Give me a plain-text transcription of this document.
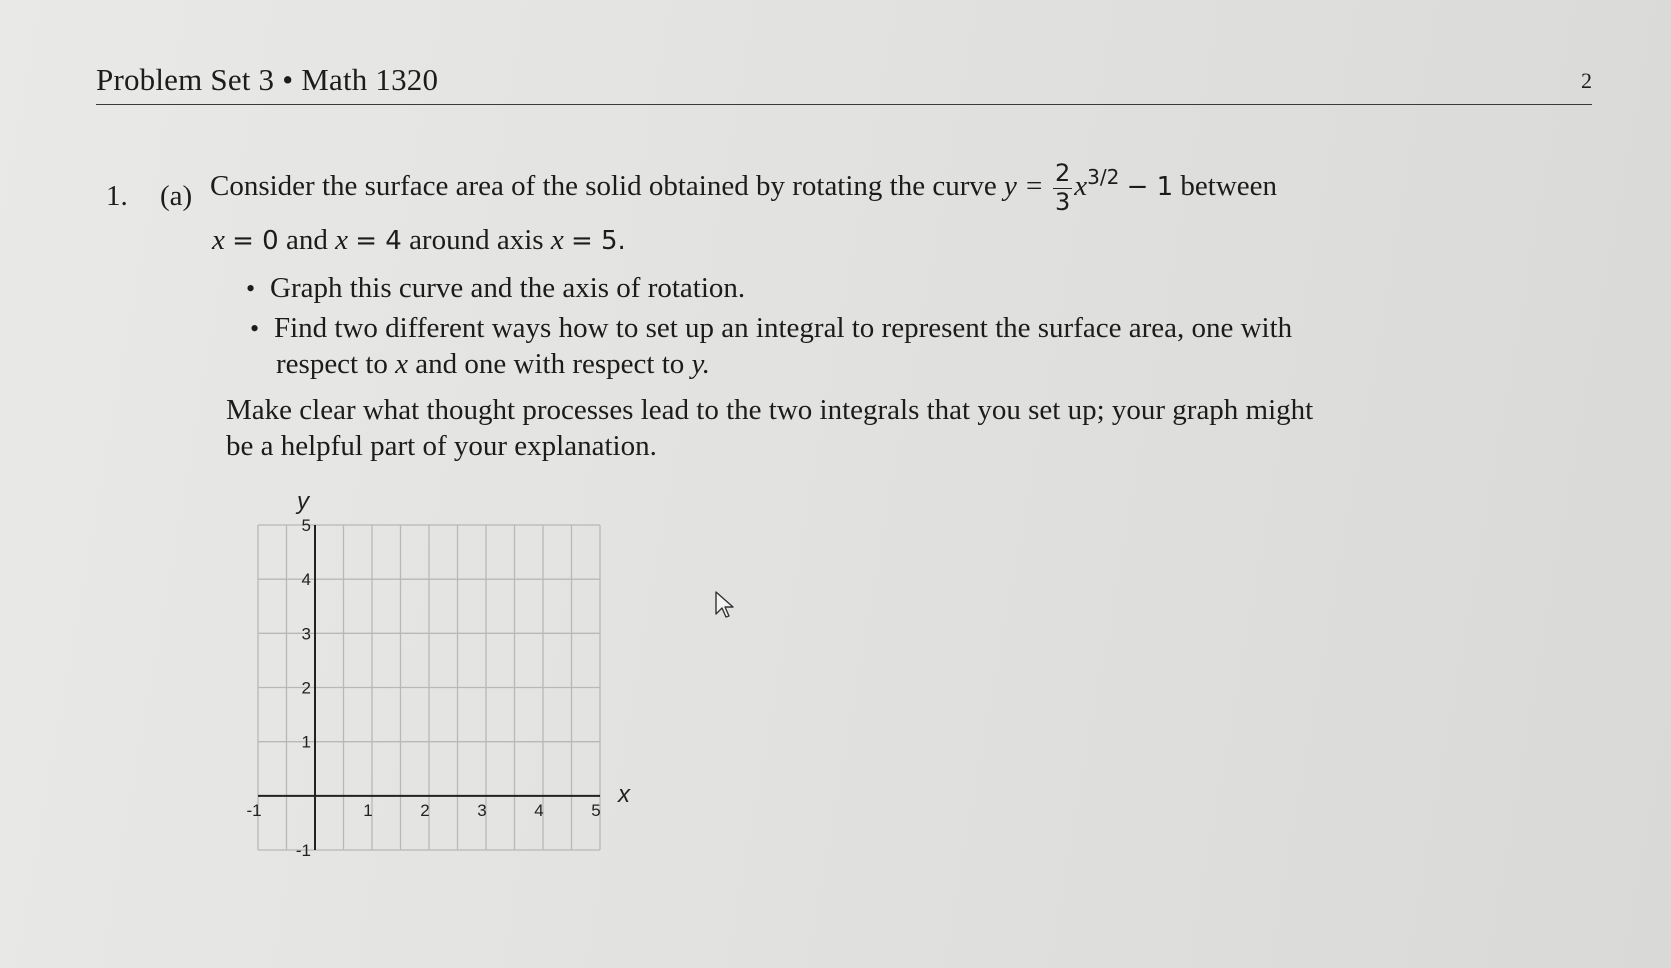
Problem Set 3 • Math 1320	2
1. (a) Consider the surface area of the solid obtained by rotating the curve $y = \frac{2}{3} x^{3/2} - 1$ between
x = 0 and x = 4 around axis x = 5.
• Graph this curve and the axis of rotation.
• Find two different ways how to set up an integral to represent the surface area, one with
respect to x and one with respect to y.
Make clear what thought processes lead to the two integrals that you set up; your graph might
be a helpful part of your explanation.
-1	1	2	3	4	5
5
4
3
2
1
-1
x
y
